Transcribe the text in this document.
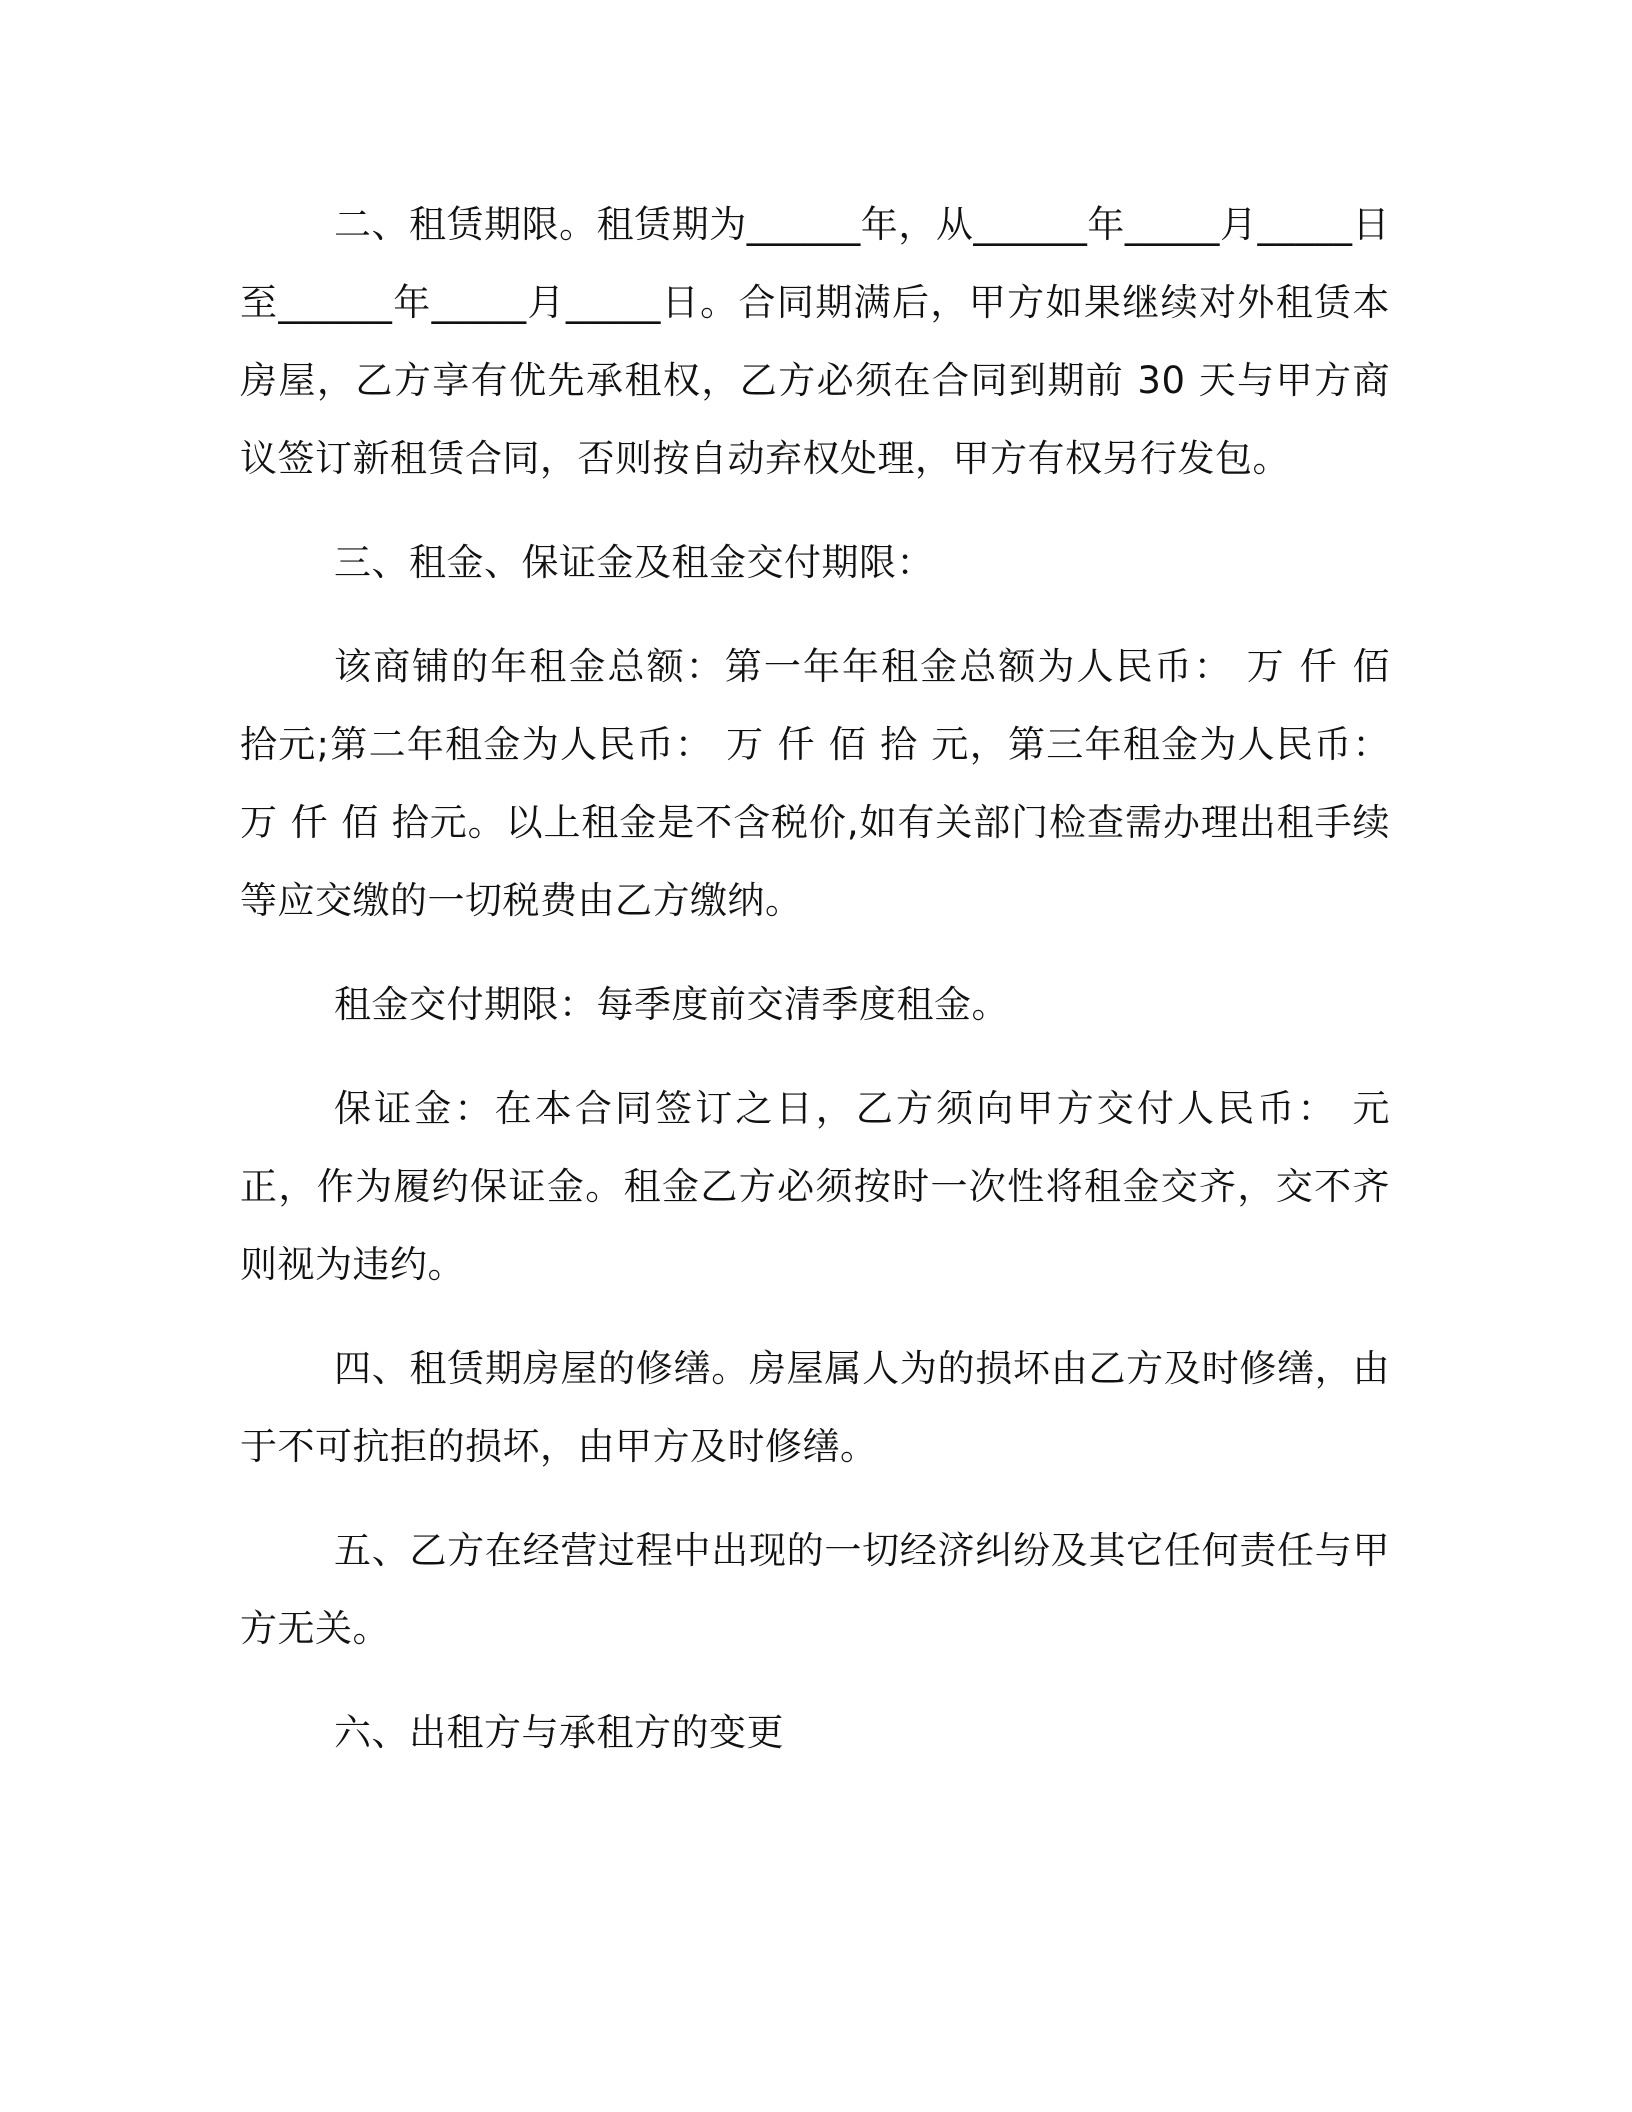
二、租赁期限。租赁期为______年，从______年_____月_____日至______年_____月_____日。合同期满后，甲方如果继续对外租赁本房屋，乙方享有优先承租权，乙方必须在合同到期前 30 天与甲方商议签订新租赁合同，否则按自动弃权处理，甲方有权另行发包。

三、租金、保证金及租金交付期限：

该商铺的年租金总额：第一年年租金总额为人民币： 万 仟 佰 拾元;第二年租金为人民币： 万 仟 佰 拾 元，第三年租金为人民币： 万 仟 佰 拾元。以上租金是不含税价,如有关部门检查需办理出租手续等应交缴的一切税费由乙方缴纳。

租金交付期限：每季度前交清季度租金。

保证金：在本合同签订之日，乙方须向甲方交付人民币： 元正，作为履约保证金。租金乙方必须按时一次性将租金交齐，交不齐则视为违约。

四、租赁期房屋的修缮。房屋属人为的损坏由乙方及时修缮，由于不可抗拒的损坏，由甲方及时修缮。

五、乙方在经营过程中出现的一切经济纠纷及其它任何责任与甲方无关。

六、出租方与承租方的变更
